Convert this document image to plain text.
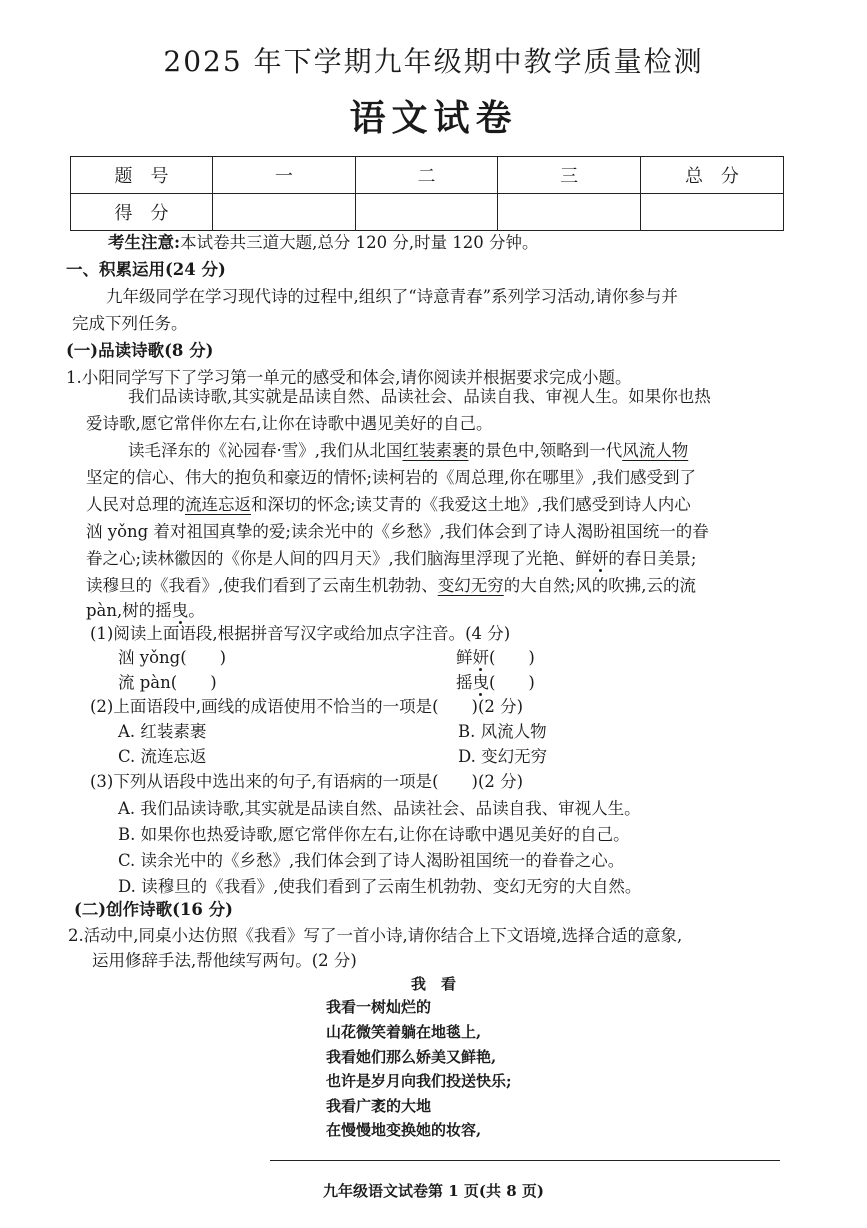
2025 年下学期九年级期中教学质量检测
语文试卷
题　号	一	二	三	总　分
得　分				
考生注意:本试卷共三道大题,总分 120 分,时量 120 分钟。
一、积累运用(24 分)
九年级同学在学习现代诗的过程中,组织了“诗意青春”系列学习活动,请你参与并
完成下列任务。
(一)品读诗歌(8 分)
1.小阳同学写下了学习第一单元的感受和体会,请你阅读并根据要求完成小题。
我们品读诗歌,其实就是品读自然、品读社会、品读自我、审视人生。如果你也热
爱诗歌,愿它常伴你左右,让你在诗歌中遇见美好的自己。
读毛泽东的《沁园春·雪》,我们从北国红装素裹的景色中,领略到一代风流人物
坚定的信心、伟大的抱负和豪迈的情怀;读柯岩的《周总理,你在哪里》,我们感受到了
人民对总理的流连忘返和深切的怀念;读艾青的《我爱这土地》,我们感受到诗人内心
汹 yǒng 着对祖国真挚的爱;读余光中的《乡愁》,我们体会到了诗人渴盼祖国统一的眷
眷之心;读林徽因的《你是人间的四月天》,我们脑海里浮现了光艳、鲜妍的春日美景;
读穆旦的《我看》,使我们看到了云南生机勃勃、变幻无穷的大自然;风的吹拂,云的流
pàn,树的摇曳。
(1)阅读上面语段,根据拼音写汉字或给加点字注音。(4 分)
汹 yǒng(　　)	鲜妍(　　)
流 pàn(　　)	摇曳(　　)
(2)上面语段中,画线的成语使用不恰当的一项是(　　)(2 分)
A. 红装素裹	B. 风流人物
C. 流连忘返	D. 变幻无穷
(3)下列从语段中选出来的句子,有语病的一项是(　　)(2 分)
A. 我们品读诗歌,其实就是品读自然、品读社会、品读自我、审视人生。
B. 如果你也热爱诗歌,愿它常伴你左右,让你在诗歌中遇见美好的自己。
C. 读余光中的《乡愁》,我们体会到了诗人渴盼祖国统一的眷眷之心。
D. 读穆旦的《我看》,使我们看到了云南生机勃勃、变幻无穷的大自然。
(二)创作诗歌(16 分)
2.活动中,同桌小达仿照《我看》写了一首小诗,请你结合上下文语境,选择合适的意象,
运用修辞手法,帮他续写两句。(2 分)
我　看
我看一树灿烂的
山花微笑着躺在地毯上,
我看她们那么娇美又鲜艳,
也许是岁月向我们投送快乐;
我看广袤的大地
在慢慢地变换她的妆容,
九年级语文试卷第 1 页(共 8 页)
